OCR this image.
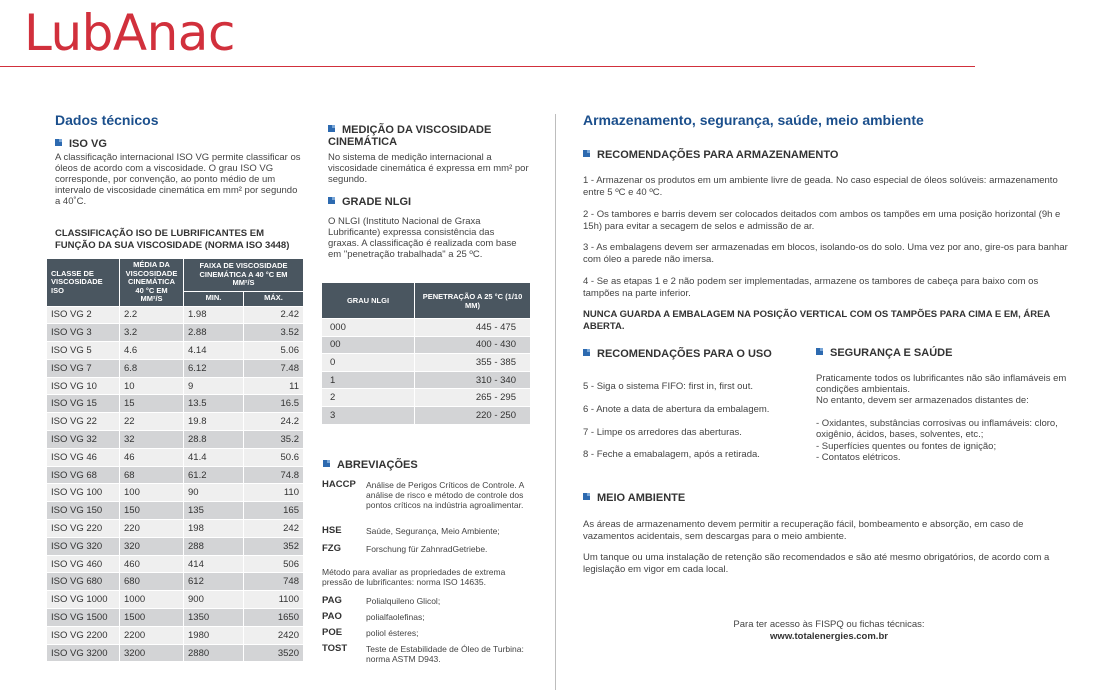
LubAnac
Dados técnicos
ISO VG
A classificação internacional ISO VG permite classificar os óleos de acordo com a viscosidade. O grau ISO VG corresponde, por convenção, ao ponto médio de um intervalo de viscosidade cinemática em mm² por segundo a 40˚C.
CLASSIFICAÇÃO ISO DE LUBRIFICANTES EM FUNÇÃO DA SUA VISCOSIDADE (NORMA ISO 3448)
CLASSE DE VISCOSIDADE ISO	MÉDIA DA VISCOSIDADE CINEMÁTICA 40 °C EM MM²/S	FAIXA DE VISCOSIDADE CINEMÁTICA A 40 °C EM MM²/S	
		MIN.	MÁX.
ISO VG 2	2.2	1.98	2.42
ISO VG 3	3.2	2.88	3.52
ISO VG 5	4.6	4.14	5.06
ISO VG 7	6.8	6.12	7.48
ISO VG 10	10	9	11
ISO VG 15	15	13.5	16.5
ISO VG 22	22	19.8	24.2
ISO VG 32	32	28.8	35.2
ISO VG 46	46	41.4	50.6
ISO VG 68	68	61.2	74.8
ISO VG 100	100	90	110
ISO VG 150	150	135	165
ISO VG 220	220	198	242
ISO VG 320	320	288	352
ISO VG 460	460	414	506
ISO VG 680	680	612	748
ISO VG 1000	1000	900	1100
ISO VG 1500	1500	1350	1650
ISO VG 2200	2200	1980	2420
ISO VG 3200	3200	2880	3520
MEDIÇÃO DA VISCOSIDADE CINEMÁTICA
No sistema de medição internacional a viscosidade cinemática é expressa em mm² por segundo.
GRADE NLGI
O NLGI (Instituto Nacional de Graxa Lubrificante) expressa consistência das graxas. A classificação é realizada com base em "penetração trabalhada" a 25 ºC.
GRAU NLGI	PENETRAÇÃO A 25 °C (1/10 MM)
000	445 - 475
00	400 - 430
0	355 - 385
1	310 - 340
2	265 - 295
3	220 - 250
ABREVIAÇÕES
HACCP Análise de Perigos Críticos de Controle. A análise de risco e método de controle dos pontos críticos na indústria agroalimentar.
HSE	Saúde, Segurança, Meio Ambiente;
FZG	Forschung für ZahnradGetriebe.
Método para avaliar as propriedades de extrema pressão de lubrificantes: norma ISO 14635.
PAG	Polialquileno Glicol;
PAO	polialfaolefinas;
POE	poliol ésteres;
TOST Teste de Estabilidade de Óleo de Turbina: norma ASTM D943.
Armazenamento, segurança, saúde, meio ambiente
RECOMENDAÇÕES PARA ARMAZENAMENTO
1 - Armazenar os produtos em um ambiente livre de geada. No caso especial de óleos solúveis: armazenamento entre 5 ºC e 40 ºC.
2 - Os tambores e barris devem ser colocados deitados com ambos os tampões em uma posição horizontal (9h e 15h) para evitar a secagem de selos e admissão de ar.
3 - As embalagens devem ser armazenadas em blocos, isolando-os do solo. Uma vez por ano, gire-os para banhar com óleo a parede não imersa.
4 - Se as etapas 1 e 2 não podem ser implementadas, armazene os tambores de cabeça para baixo com os tampões na parte inferior.
NUNCA GUARDA A EMBALAGEM NA POSIÇÃO VERTICAL COM OS TAMPÕES PARA CIMA E EM, ÁREA ABERTA.
RECOMENDAÇÕES PARA O USO
5 - Siga o sistema FIFO: first in, first out.
6 - Anote a data de abertura da embalagem.
7 - Limpe os arredores das aberturas.
8 - Feche a emabalagem, após a retirada.
SEGURANÇA E SAÚDE
Praticamente todos os lubrificantes não são inflamáveis em condições ambientais.
No entanto, devem ser armazenados distantes de:
- Oxidantes, substâncias corrosivas ou inflamáveis: cloro, oxigênio, ácidos, bases, solventes, etc.;
- Superfícies quentes ou fontes de ignição;
- Contatos elétricos.
MEIO AMBIENTE
As áreas de armazenamento devem permitir a recuperação fácil, bombeamento e absorção, em caso de vazamentos acidentais, sem descargas para o meio ambiente.
Um tanque ou uma instalação de retenção são recomendados e são até mesmo obrigatórios, de acordo com a legislação em vigor em cada local.
Para ter acesso às FISPQ ou fichas técnicas:
www.totalenergies.com.br
